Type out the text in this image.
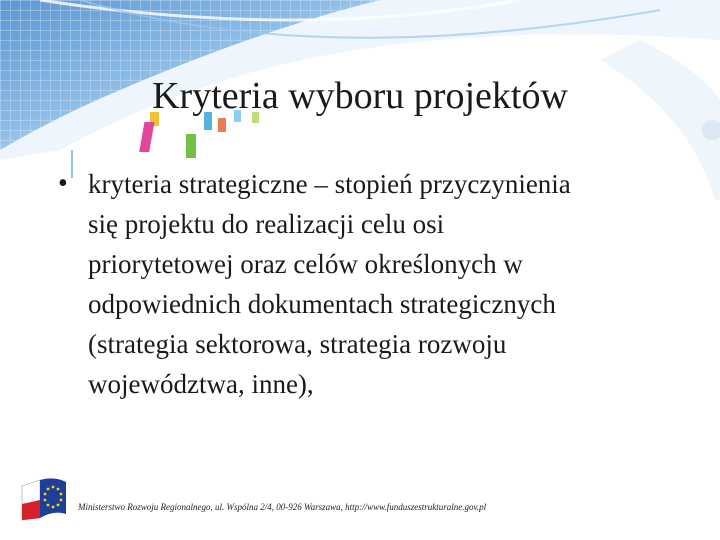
Kryteria wyboru projektów
• kryteria strategiczne – stopień przyczynienia
się projektu do realizacji celu osi
priorytetowej oraz celów określonych w
odpowiednich dokumentach strategicznych
(strategia sektorowa, strategia rozwoju
województwa, inne),
Ministerstwo Rozwoju Regionalnego, ul. Wspólna 2/4, 00-926 Warszawa, http://www.funduszestrukturalne.gov.pl
